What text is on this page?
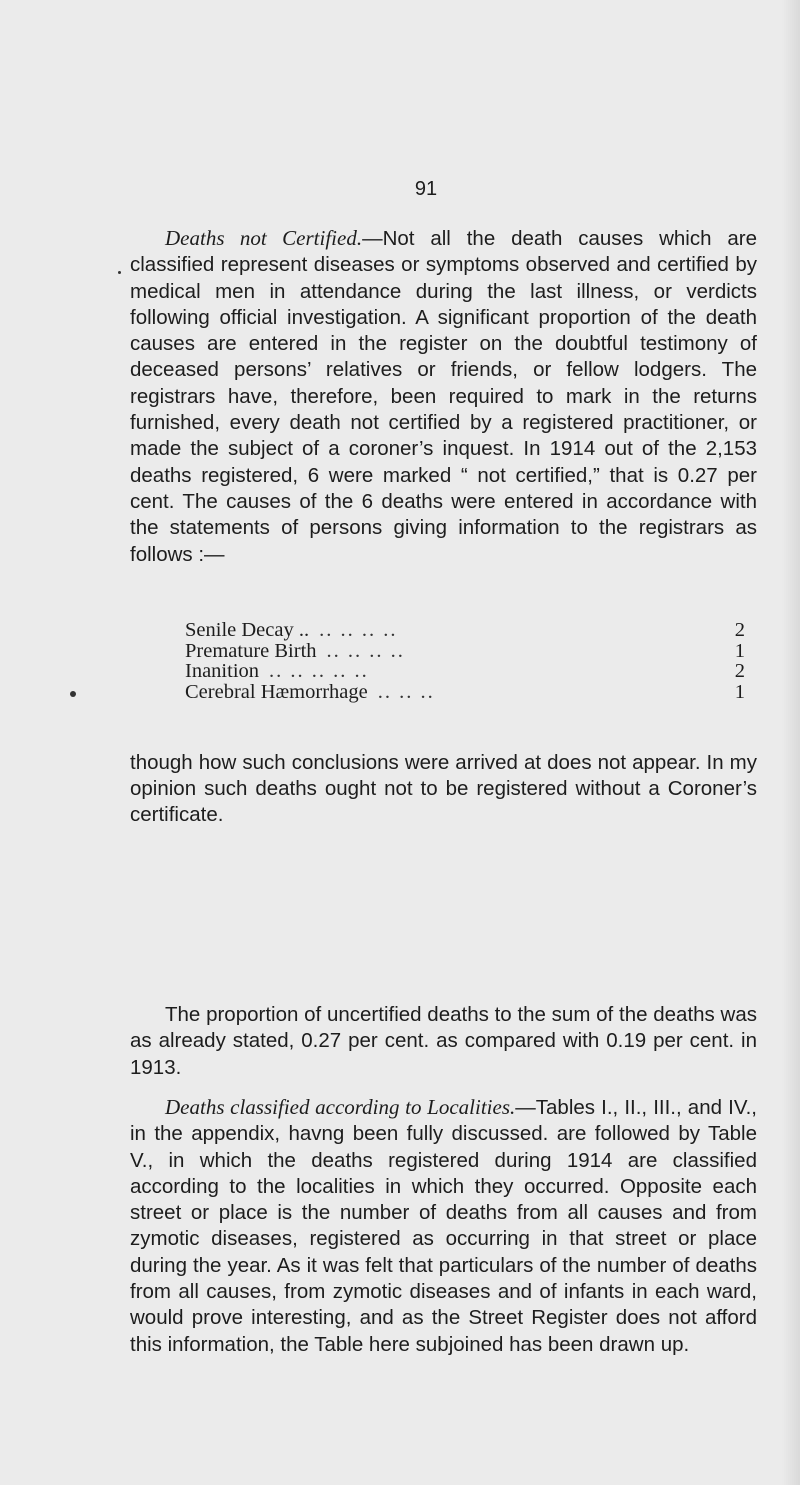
91

Deaths not Certified.—Not all the death causes which are classified represent diseases or symptoms observed and certified by medical men in attendance during the last illness, or verdicts following official investigation. A significant proportion of the death causes are entered in the register on the doubtful testimony of deceased persons’ relatives or friends, or fellow lodgers. The registrars have, therefore, been required to mark in the returns furnished, every death not certified by a registered practitioner, or made the subject of a coroner’s inquest. In 1914 out of the 2,153 deaths registered, 6 were marked “ not certified,” that is 0.27 per cent. The causes of the 6 deaths were entered in accordance with the statements of persons giving information to the registrars as follows :—

Senile Decay .. .. .. .. ..	2
Premature Birth .. .. .. ..	1
Inanition .. .. .. .. ..	2
Cerebral Hæmorrhage .. .. ..	1

though how such conclusions were arrived at does not appear. In my opinion such deaths ought not to be registered without a Coroner’s certificate.

The proportion of uncertified deaths to the sum of the deaths was as already stated, 0.27 per cent. as compared with 0.19 per cent. in 1913.

Deaths classified according to Localities.—Tables I., II., III., and IV., in the appendix, havng been fully discussed. are followed by Table V., in which the deaths registered during 1914 are classified according to the localities in which they occurred. Opposite each street or place is the number of deaths from all causes and from zymotic diseases, registered as occurring in that street or place during the year. As it was felt that particulars of the number of deaths from all causes, from zymotic diseases and of infants in each ward, would prove interesting, and as the Street Register does not afford this information, the Table here subjoined has been drawn up.
